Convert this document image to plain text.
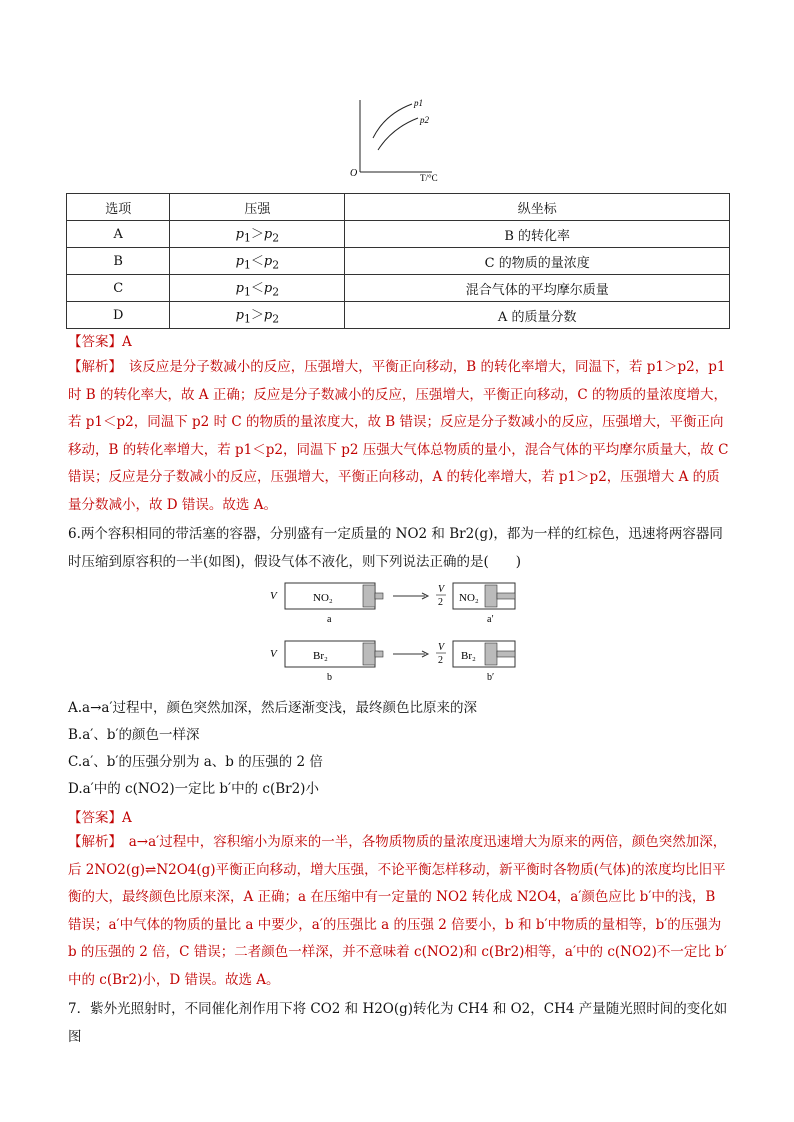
p1
p2
O	T/°C
选项	压强	纵坐标
A	$p_1>p_2$	B 的转化率
B	$p_1<p_2$	C 的物质的量浓度
C	$p_1<p_2$	混合气体的平均摩尔质量
D	$p_1>p_2$	A 的质量分数
【答案】A
【解析】　 该反应是分子数减小的反应，压强增大，平衡正向移动，B 的转化率增大，同温下，若 p1＞p2，p1 时 B 的转化率大，故 A 正确；反应是分子数减小的反应，压强增大，平衡正向移动，C 的物质的量浓度增大，若 p1＜p2，同温下 p2 时 C 的物质的量浓度大，故 B 错误；反应是分子数减小的反应，压强增大，平衡正向移动，B 的转化率增大，若 p1＜p2，同温下 p2 压强大气体总物质的量小，混合气体的平均摩尔质量大，故 C 错误；反应是分子数减小的反应，压强增大，平衡正向移动，A 的转化率增大，若 p1＞p2，压强增大 A 的质量分数减小，故 D 错误。故选 A。
6.两个容积相同的带活塞的容器，分别盛有一定质量的 NO2 和 Br2(g)，都为一样的红棕色，迅速将两容器同时压缩到原容积的一半(如图)，假设气体不液化，则下列说法正确的是(　　)
V	NO₂
a
V
2 NO₂
a′
V	Br₂
b
V
2 Br₂
b′
A.a→a′过程中，颜色突然加深，然后逐渐变浅，最终颜色比原来的深
B.a′、b′的颜色一样深
C.a′、b′的压强分别为 a、b 的压强的 2 倍
D.a′中的 c(NO2)一定比 b′中的 c(Br2)小
【答案】A
【解析】　 a→a′过程中，容积缩小为原来的一半，各物质物质的量浓度迅速增大为原来的两倍，颜色突然加深，后 2NO2(g)⇌N2O4(g)平衡正向移动，增大压强，不论平衡怎样移动，新平衡时各物质(气体)的浓度均比旧平衡的大，最终颜色比原来深，A 正确；a 在压缩中有一定量的 NO2 转化成 N2O4，a′颜色应比 b′中的浅，B 错误；a′中气体的物质的量比 a 中要少，a′的压强比 a 的压强 2 倍要小，b 和 b′中物质的量相等，b′的压强为 b 的压强的 2 倍，C 错误；二者颜色一样深，并不意味着 c(NO2)和 c(Br2)相等，a′中的 c(NO2)不一定比 b′中的 c(Br2)小，D 错误。故选 A。
7．紫外光照射时，不同催化剂作用下将 CO2 和 H2O(g)转化为 CH4 和 O2，CH4 产量随光照时间的变化如图
